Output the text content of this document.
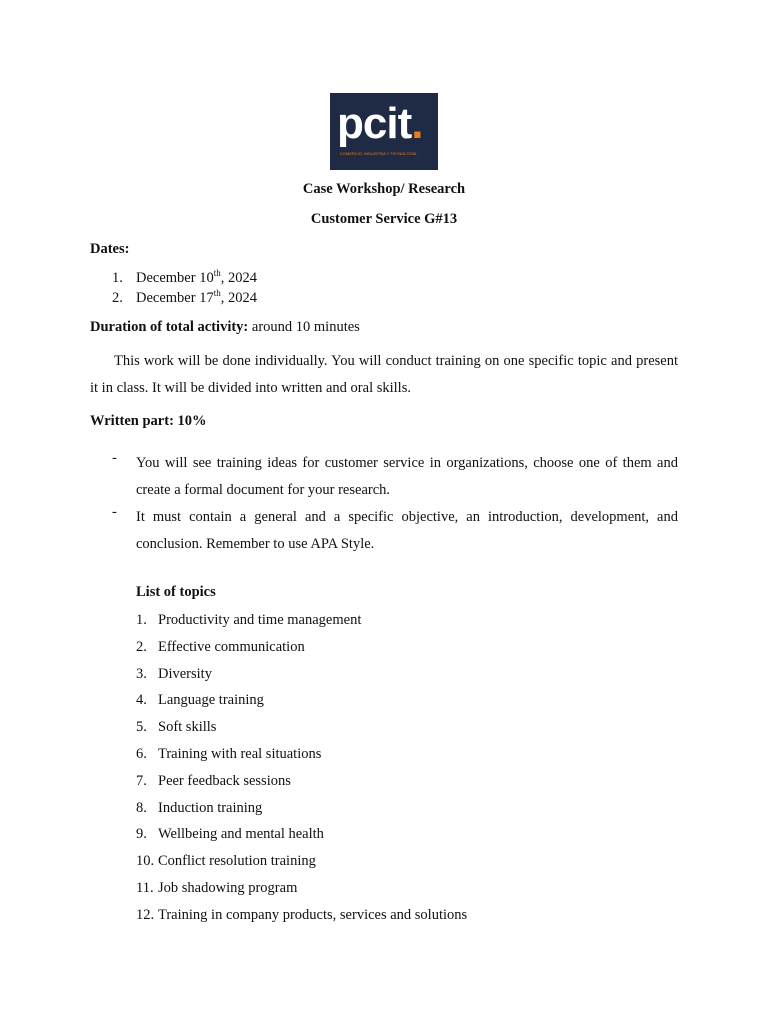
pcit.
COMERCIO, INDUSTRIA Y TECNOLOGÍA
Case Workshop/ Research
Customer Service G#13
Dates:
1. December 10th, 2024
2. December 17th, 2024
Duration of total activity: around 10 minutes
This work will be done individually. You will conduct training on one specific topic and present it in class. It will be divided into written and oral skills.
Written part: 10%
- You will see training ideas for customer service in organizations, choose one of them and create a formal document for your research.
- It must contain a general and a specific objective, an introduction, development, and conclusion. Remember to use APA Style.
List of topics
1. Productivity and time management
2. Effective communication
3. Diversity
4. Language training
5. Soft skills
6. Training with real situations
7. Peer feedback sessions
8. Induction training
9. Wellbeing and mental health
10. Conflict resolution training
11. Job shadowing program
12. Training in company products, services and solutions
